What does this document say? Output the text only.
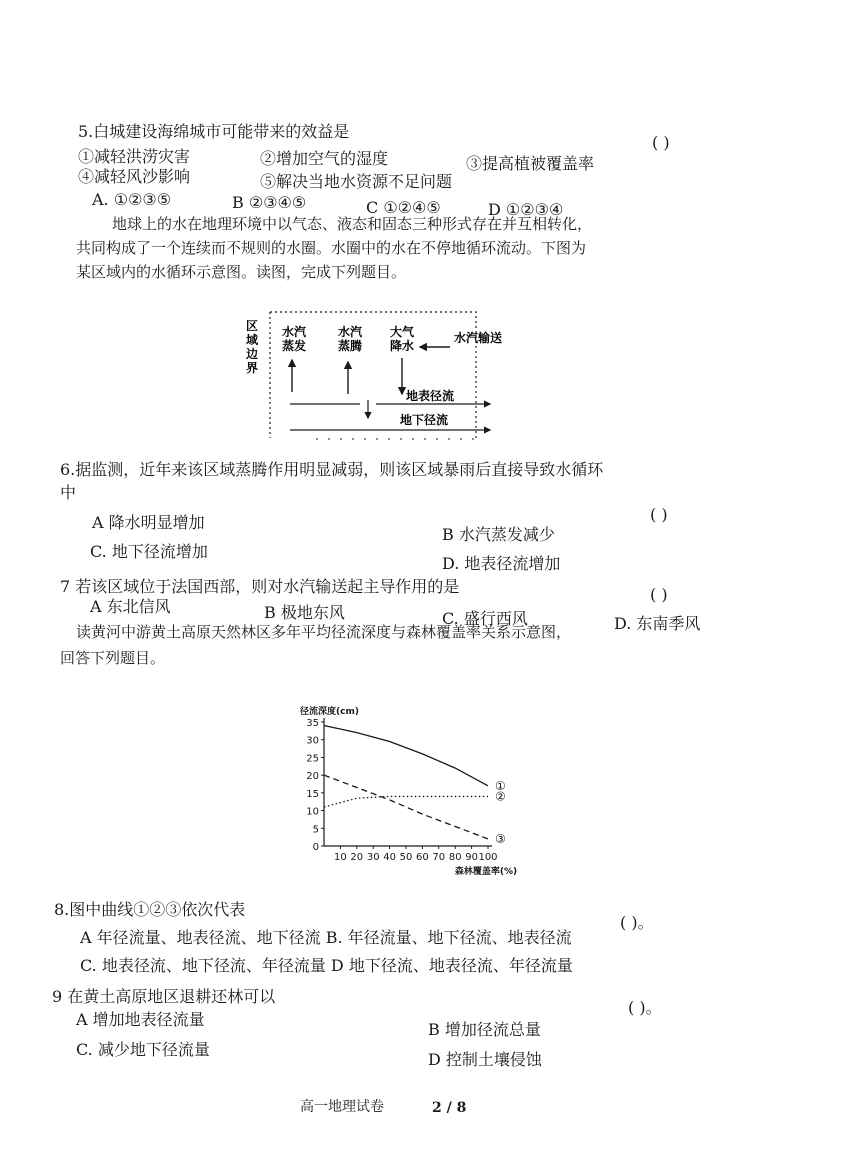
5.白城建设海绵城市可能带来的效益是
( )
①减轻洪涝灾害	②增加空气的湿度	③提高植被覆盖率
④减轻风沙影响	⑤解决当地水资源不足问题
A. ①②③⑤	B ②③④⑤	C ①②④⑤	D ①②③④
地球上的水在地理环境中以气态、液态和固态三种形式存在并互相转化，
共同构成了一个连续而不规则的水圈。水圈中的水在不停地循环流动。下图为
某区域内的水循环示意图。读图，完成下列题目。
区
域
边
界
水汽
蒸发
水汽
蒸腾
大气
降水
水汽输送
地表径流
地下径流
6.据监测，近年来该区域蒸腾作用明显减弱，则该区域暴雨后直接导致水循环
中
( )
A 降水明显增加
B 水汽蒸发减少
C. 地下径流增加
D. 地表径流增加
7 若该区域位于法国西部，则对水汽输送起主导作用的是	( )
A 东北信风	B 极地东风	C. 盛行西风	D. 东南季风
读黄河中游黄土高原天然林区多年平均径流深度与森林覆盖率关系示意图，
回答下列题目。
0
5
10
15
20
25
30
35
10 20 30 40 50 60 70 80 90 100
径流深度(cm)
森林覆盖率(%)
①
②
③
8.图中曲线①②③依次代表
( )。
A 年径流量、地表径流、地下径流 B. 年径流量、地下径流、地表径流
C. 地表径流、地下径流、年径流量 D 地下径流、地表径流、年径流量
9 在黄土高原地区退耕还林可以
( )。
A 增加地表径流量
B 增加径流总量
C. 减少地下径流量
D 控制土壤侵蚀
高一地理试卷	2 / 8
